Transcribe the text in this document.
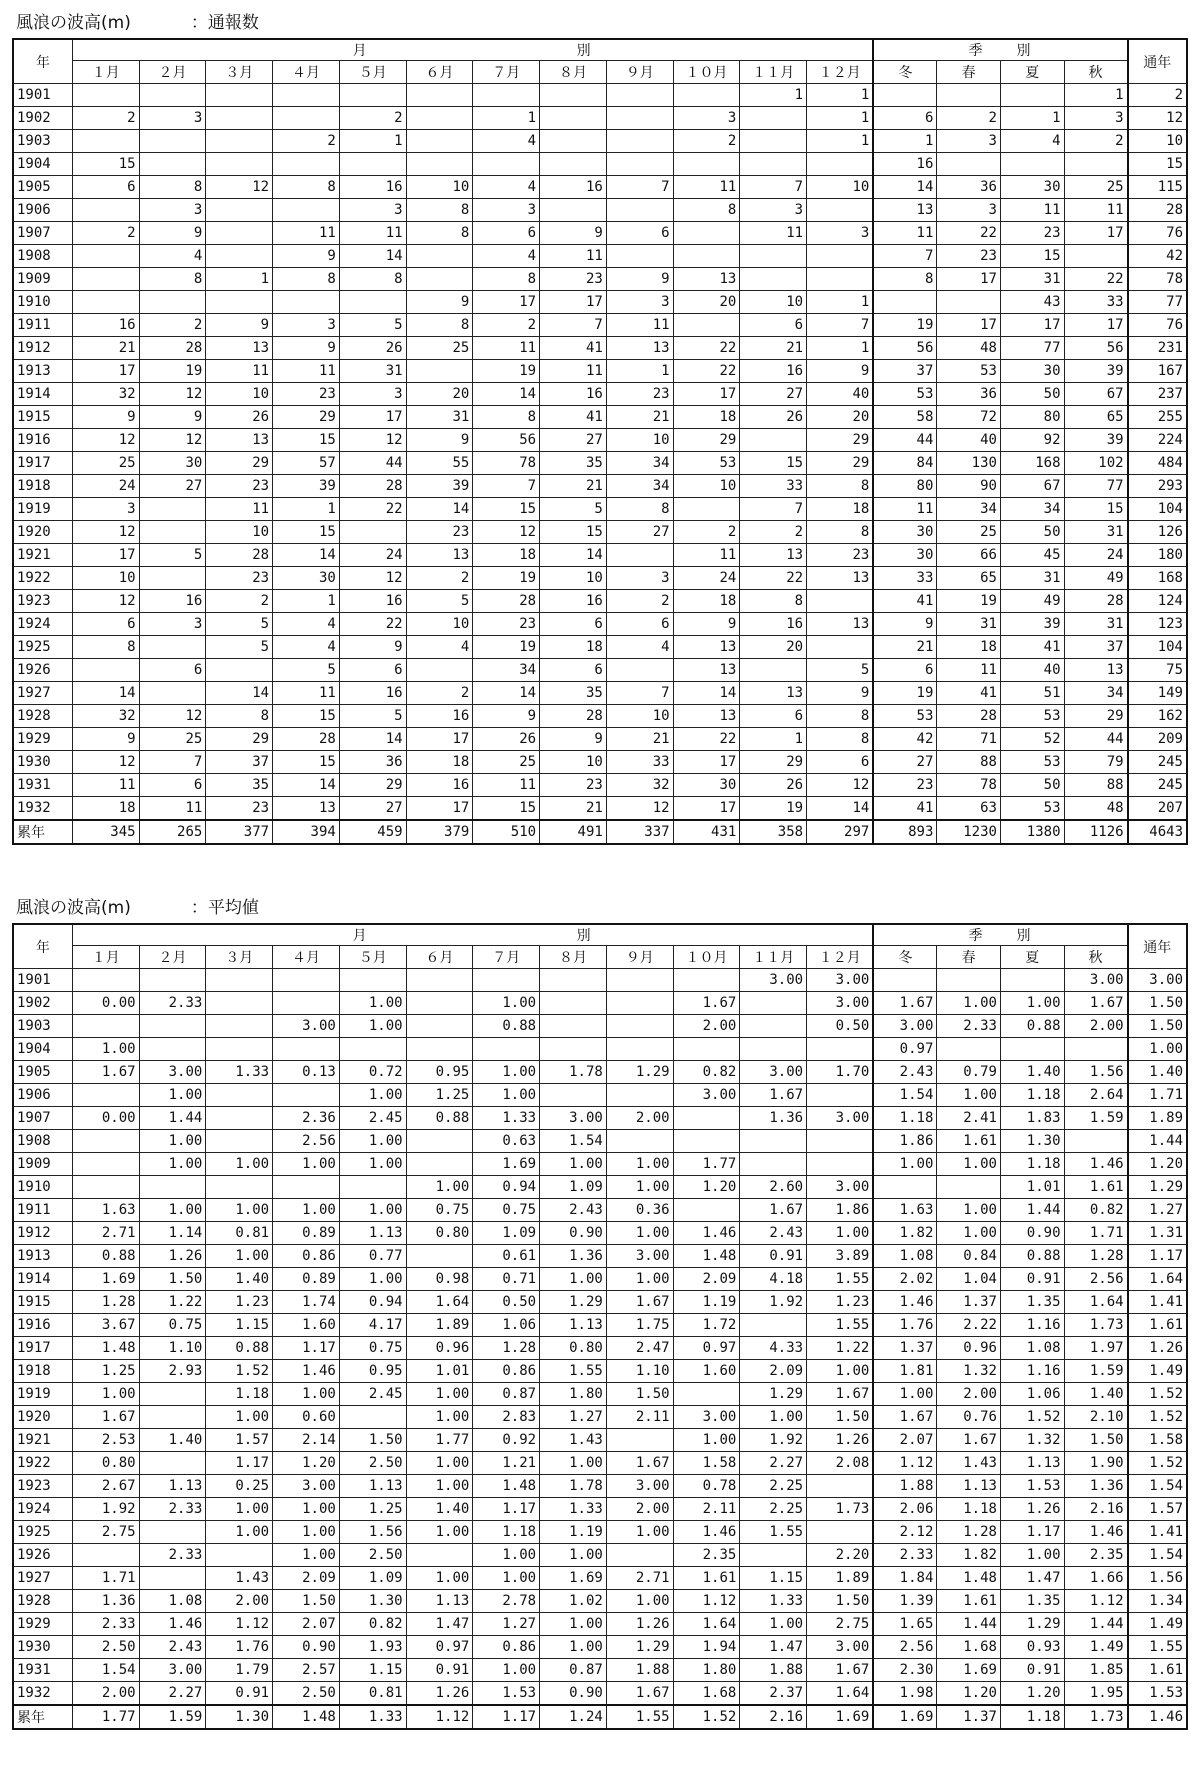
風浪の波高(m)	：通報数
年	月　　　　　　　　　　　　　別												季　　別				通年
	１月	２月	３月	４月	５月	６月	７月	８月	９月	１０月	１１月	１２月	冬	春	夏	秋	
1901											1	1				1	2
1902	2	3			2		1			3		1	6	2	1	3	12
1903				2	1		4			2		1	1	3	4	2	10
1904	15												16				15
1905	6	8	12	8	16	10	4	16	7	11	7	10	14	36	30	25	115
1906		3			3	8	3			8	3		13	3	11	11	28
1907	2	9		11	11	8	6	9	6		11	3	11	22	23	17	76
1908		4		9	14		4	11					7	23	15		42
1909		8	1	8	8		8	23	9	13			8	17	31	22	78
1910						9	17	17	3	20	10	1			43	33	77
1911	16	2	9	3	5	8	2	7	11		6	7	19	17	17	17	76
1912	21	28	13	9	26	25	11	41	13	22	21	1	56	48	77	56	231
1913	17	19	11	11	31		19	11	1	22	16	9	37	53	30	39	167
1914	32	12	10	23	3	20	14	16	23	17	27	40	53	36	50	67	237
1915	9	9	26	29	17	31	8	41	21	18	26	20	58	72	80	65	255
1916	12	12	13	15	12	9	56	27	10	29		29	44	40	92	39	224
1917	25	30	29	57	44	55	78	35	34	53	15	29	84	130	168	102	484
1918	24	27	23	39	28	39	7	21	34	10	33	8	80	90	67	77	293
1919	3		11	1	22	14	15	5	8		7	18	11	34	34	15	104
1920	12		10	15		23	12	15	27	2	2	8	30	25	50	31	126
1921	17	5	28	14	24	13	18	14		11	13	23	30	66	45	24	180
1922	10		23	30	12	2	19	10	3	24	22	13	33	65	31	49	168
1923	12	16	2	1	16	5	28	16	2	18	8		41	19	49	28	124
1924	6	3	5	4	22	10	23	6	6	9	16	13	9	31	39	31	123
1925	8		5	4	9	4	19	18	4	13	20		21	18	41	37	104
1926		6		5	6		34	6		13		5	6	11	40	13	75
1927	14		14	11	16	2	14	35	7	14	13	9	19	41	51	34	149
1928	32	12	8	15	5	16	9	28	10	13	6	8	53	28	53	29	162
1929	9	25	29	28	14	17	26	9	21	22	1	8	42	71	52	44	209
1930	12	7	37	15	36	18	25	10	33	17	29	6	27	88	53	79	245
1931	11	6	35	14	29	16	11	23	32	30	26	12	23	78	50	88	245
1932	18	11	23	13	27	17	15	21	12	17	19	14	41	63	53	48	207
累年	345	265	377	394	459	379	510	491	337	431	358	297	893	1230	1380	1126	4643
風浪の波高(m)	：平均値
年	月　　　　　　　　　　　　　別												季　　別				通年
	１月	２月	３月	４月	５月	６月	７月	８月	９月	１０月	１１月	１２月	冬	春	夏	秋	
1901											3.00	3.00				3.00	3.00
1902	0.00	2.33			1.00		1.00			1.67		3.00	1.67	1.00	1.00	1.67	1.50
1903				3.00	1.00		0.88			2.00		0.50	3.00	2.33	0.88	2.00	1.50
1904	1.00												0.97				1.00
1905	1.67	3.00	1.33	0.13	0.72	0.95	1.00	1.78	1.29	0.82	3.00	1.70	2.43	0.79	1.40	1.56	1.40
1906		1.00			1.00	1.25	1.00			3.00	1.67		1.54	1.00	1.18	2.64	1.71
1907	0.00	1.44		2.36	2.45	0.88	1.33	3.00	2.00		1.36	3.00	1.18	2.41	1.83	1.59	1.89
1908		1.00		2.56	1.00		0.63	1.54					1.86	1.61	1.30		1.44
1909		1.00	1.00	1.00	1.00		1.69	1.00	1.00	1.77			1.00	1.00	1.18	1.46	1.20
1910						1.00	0.94	1.09	1.00	1.20	2.60	3.00			1.01	1.61	1.29
1911	1.63	1.00	1.00	1.00	1.00	0.75	0.75	2.43	0.36		1.67	1.86	1.63	1.00	1.44	0.82	1.27
1912	2.71	1.14	0.81	0.89	1.13	0.80	1.09	0.90	1.00	1.46	2.43	1.00	1.82	1.00	0.90	1.71	1.31
1913	0.88	1.26	1.00	0.86	0.77		0.61	1.36	3.00	1.48	0.91	3.89	1.08	0.84	0.88	1.28	1.17
1914	1.69	1.50	1.40	0.89	1.00	0.98	0.71	1.00	1.00	2.09	4.18	1.55	2.02	1.04	0.91	2.56	1.64
1915	1.28	1.22	1.23	1.74	0.94	1.64	0.50	1.29	1.67	1.19	1.92	1.23	1.46	1.37	1.35	1.64	1.41
1916	3.67	0.75	1.15	1.60	4.17	1.89	1.06	1.13	1.75	1.72		1.55	1.76	2.22	1.16	1.73	1.61
1917	1.48	1.10	0.88	1.17	0.75	0.96	1.28	0.80	2.47	0.97	4.33	1.22	1.37	0.96	1.08	1.97	1.26
1918	1.25	2.93	1.52	1.46	0.95	1.01	0.86	1.55	1.10	1.60	2.09	1.00	1.81	1.32	1.16	1.59	1.49
1919	1.00		1.18	1.00	2.45	1.00	0.87	1.80	1.50		1.29	1.67	1.00	2.00	1.06	1.40	1.52
1920	1.67		1.00	0.60		1.00	2.83	1.27	2.11	3.00	1.00	1.50	1.67	0.76	1.52	2.10	1.52
1921	2.53	1.40	1.57	2.14	1.50	1.77	0.92	1.43		1.00	1.92	1.26	2.07	1.67	1.32	1.50	1.58
1922	0.80		1.17	1.20	2.50	1.00	1.21	1.00	1.67	1.58	2.27	2.08	1.12	1.43	1.13	1.90	1.52
1923	2.67	1.13	0.25	3.00	1.13	1.00	1.48	1.78	3.00	0.78	2.25		1.88	1.13	1.53	1.36	1.54
1924	1.92	2.33	1.00	1.00	1.25	1.40	1.17	1.33	2.00	2.11	2.25	1.73	2.06	1.18	1.26	2.16	1.57
1925	2.75		1.00	1.00	1.56	1.00	1.18	1.19	1.00	1.46	1.55		2.12	1.28	1.17	1.46	1.41
1926		2.33		1.00	2.50		1.00	1.00		2.35		2.20	2.33	1.82	1.00	2.35	1.54
1927	1.71		1.43	2.09	1.09	1.00	1.00	1.69	2.71	1.61	1.15	1.89	1.84	1.48	1.47	1.66	1.56
1928	1.36	1.08	2.00	1.50	1.30	1.13	2.78	1.02	1.00	1.12	1.33	1.50	1.39	1.61	1.35	1.12	1.34
1929	2.33	1.46	1.12	2.07	0.82	1.47	1.27	1.00	1.26	1.64	1.00	2.75	1.65	1.44	1.29	1.44	1.49
1930	2.50	2.43	1.76	0.90	1.93	0.97	0.86	1.00	1.29	1.94	1.47	3.00	2.56	1.68	0.93	1.49	1.55
1931	1.54	3.00	1.79	2.57	1.15	0.91	1.00	0.87	1.88	1.80	1.88	1.67	2.30	1.69	0.91	1.85	1.61
1932	2.00	2.27	0.91	2.50	0.81	1.26	1.53	0.90	1.67	1.68	2.37	1.64	1.98	1.20	1.20	1.95	1.53
累年	1.77	1.59	1.30	1.48	1.33	1.12	1.17	1.24	1.55	1.52	2.16	1.69	1.69	1.37	1.18	1.73	1.46
